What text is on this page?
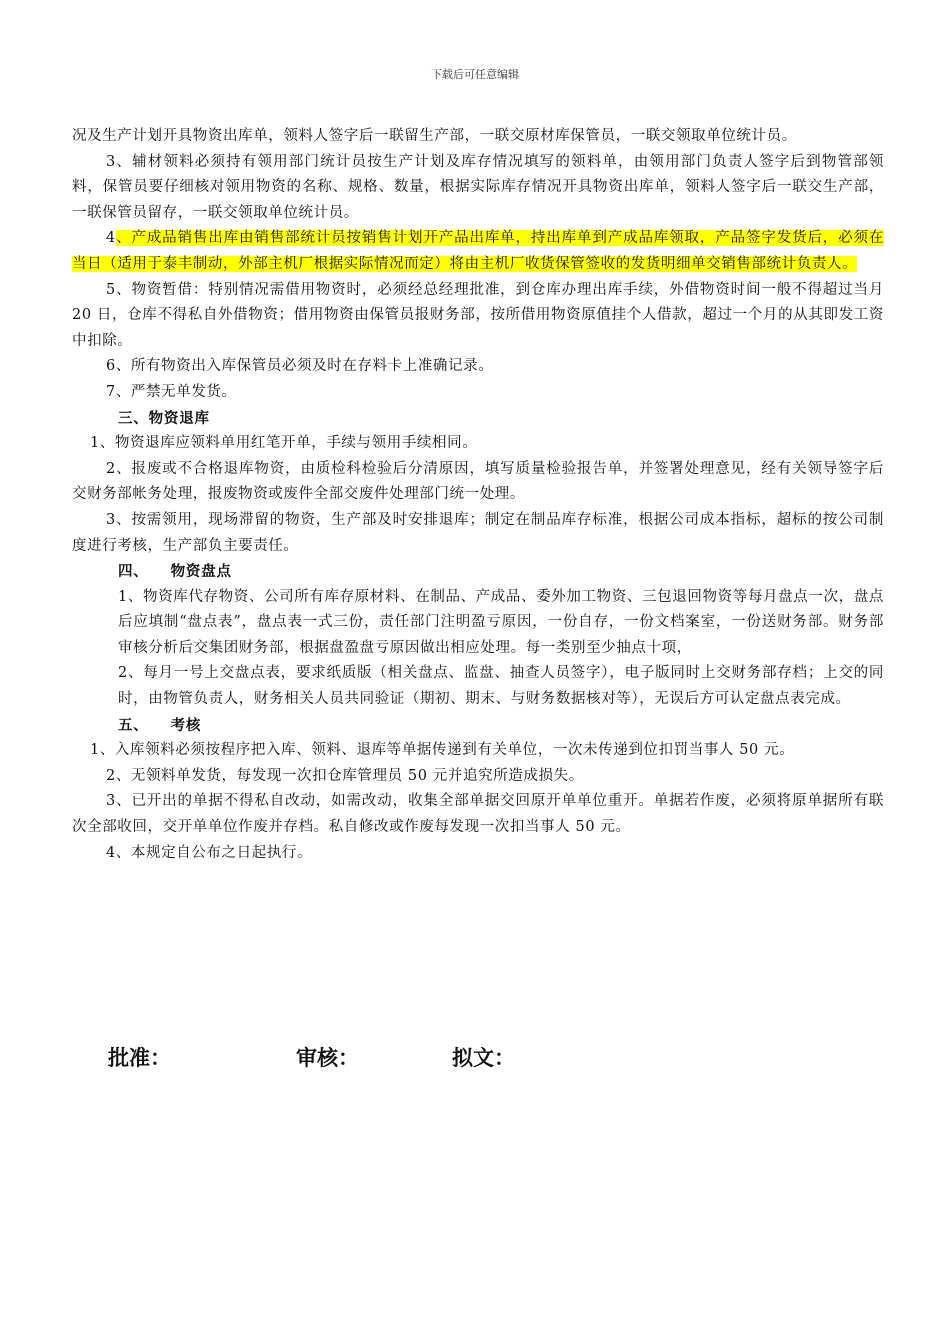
下载后可任意编辑

况及生产计划开具物资出库单，领料人签字后一联留生产部，一联交原材库保管员，一联交领取单位统计员。

3、辅材领料必须持有领用部门统计员按生产计划及库存情况填写的领料单，由领用部门负责人签字后到物管部领料，保管员要仔细核对领用物资的名称、规格、数量，根据实际库存情况开具物资出库单，领料人签字后一联交生产部，一联保管员留存，一联交领取单位统计员。

4、产成品销售出库由销售部统计员按销售计划开产品出库单，持出库单到产成品库领取，产品签字发货后，必须在当日（适用于泰丰制动，外部主机厂根据实际情况而定）将由主机厂收货保管签收的发货明细单交销售部统计负责人。

5、物资暂借：特别情况需借用物资时，必须经总经理批准，到仓库办理出库手续，外借物资时间一般不得超过当月 20 日，仓库不得私自外借物资；借用物资由保管员报财务部，按所借用物资原值挂个人借款，超过一个月的从其即发工资中扣除。

6、所有物资出入库保管员必须及时在存料卡上准确记录。

7、严禁无单发货。

三、物资退库

1、物资退库应领料单用红笔开单，手续与领用手续相同。

2、报废或不合格退库物资，由质检科检验后分清原因，填写质量检验报告单，并签署处理意见，经有关领导签字后交财务部帐务处理，报废物资或废件全部交废件处理部门统一处理。

3、按需领用，现场滞留的物资，生产部及时安排退库；制定在制品库存标准，根据公司成本指标，超标的按公司制度进行考核，生产部负主要责任。

四、 物资盘点

1、物资库代存物资、公司所有库存原材料、在制品、产成品、委外加工物资、三包退回物资等每月盘点一次，盘点后应填制“盘点表”，盘点表一式三份，责任部门注明盈亏原因，一份自存，一份文档案室，一份送财务部。财务部审核分析后交集团财务部，根据盘盈盘亏原因做出相应处理。每一类别至少抽点十项，

2、每月一号上交盘点表，要求纸质版（相关盘点、监盘、抽查人员签字），电子版同时上交财务部存档；上交的同时，由物管负责人，财务相关人员共同验证（期初、期末、与财务数据核对等），无误后方可认定盘点表完成。

五、 考核

1、入库领料必须按程序把入库、领料、退库等单据传递到有关单位，一次未传递到位扣罚当事人 50 元。

2、无领料单发货，每发现一次扣仓库管理员 50 元并追究所造成损失。

3、已开出的单据不得私自改动，如需改动，收集全部单据交回原开单单位重开。单据若作废，必须将原单据所有联次全部收回，交开单单位作废并存档。私自修改或作废每发现一次扣当事人 50 元。

4、本规定自公布之日起执行。

批准：	审核：	拟文：
